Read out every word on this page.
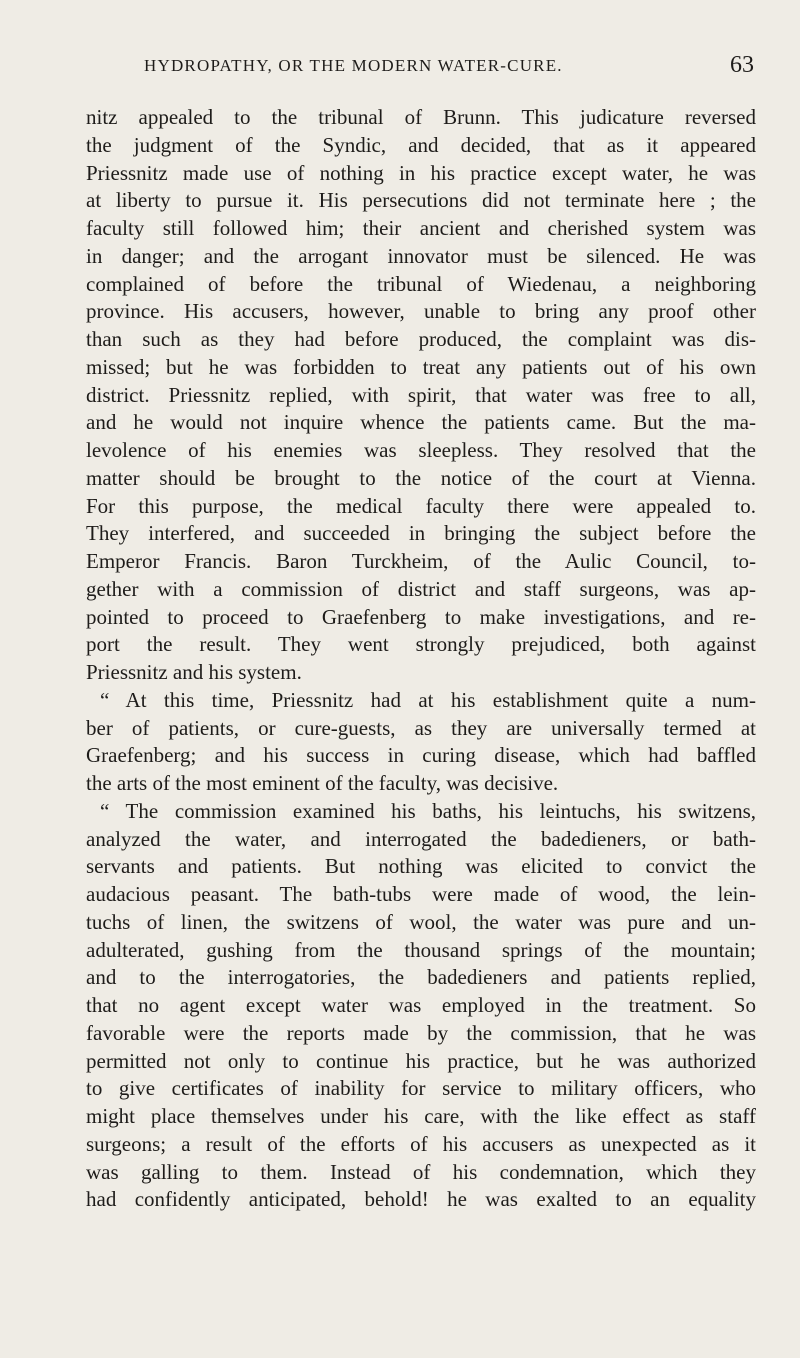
HYDROPATHY, OR THE MODERN WATER-CURE.	63
nitz appealed to the tribunal of Brunn. This judicature reversed
the judgment of the Syndic, and decided, that as it appeared
Priessnitz made use of nothing in his practice except water, he was
at liberty to pursue it. His persecutions did not terminate here ; the
faculty still followed him; their ancient and cherished system was
in danger; and the arrogant innovator must be silenced. He was
complained of before the tribunal of Wiedenau, a neighboring
province. His accusers, however, unable to bring any proof other
than such as they had before produced, the complaint was dis-
missed; but he was forbidden to treat any patients out of his own
district. Priessnitz replied, with spirit, that water was free to all,
and he would not inquire whence the patients came. But the ma-
levolence of his enemies was sleepless. They resolved that the
matter should be brought to the notice of the court at Vienna.
For this purpose, the medical faculty there were appealed to.
They interfered, and succeeded in bringing the subject before the
Emperor Francis. Baron Turckheim, of the Aulic Council, to-
gether with a commission of district and staff surgeons, was ap-
pointed to proceed to Graefenberg to make investigations, and re-
port the result. They went strongly prejudiced, both against
Priessnitz and his system.
“ At this time, Priessnitz had at his establishment quite a num-
ber of patients, or cure-guests, as they are universally termed at
Graefenberg; and his success in curing disease, which had baffled
the arts of the most eminent of the faculty, was decisive.
“ The commission examined his baths, his leintuchs, his switzens,
analyzed the water, and interrogated the badedieners, or bath-
servants and patients. But nothing was elicited to convict the
audacious peasant. The bath-tubs were made of wood, the lein-
tuchs of linen, the switzens of wool, the water was pure and un-
adulterated, gushing from the thousand springs of the mountain;
and to the interrogatories, the badedieners and patients replied,
that no agent except water was employed in the treatment. So
favorable were the reports made by the commission, that he was
permitted not only to continue his practice, but he was authorized
to give certificates of inability for service to military officers, who
might place themselves under his care, with the like effect as staff
surgeons; a result of the efforts of his accusers as unexpected as it
was galling to them. Instead of his condemnation, which they
had confidently anticipated, behold! he was exalted to an equality
